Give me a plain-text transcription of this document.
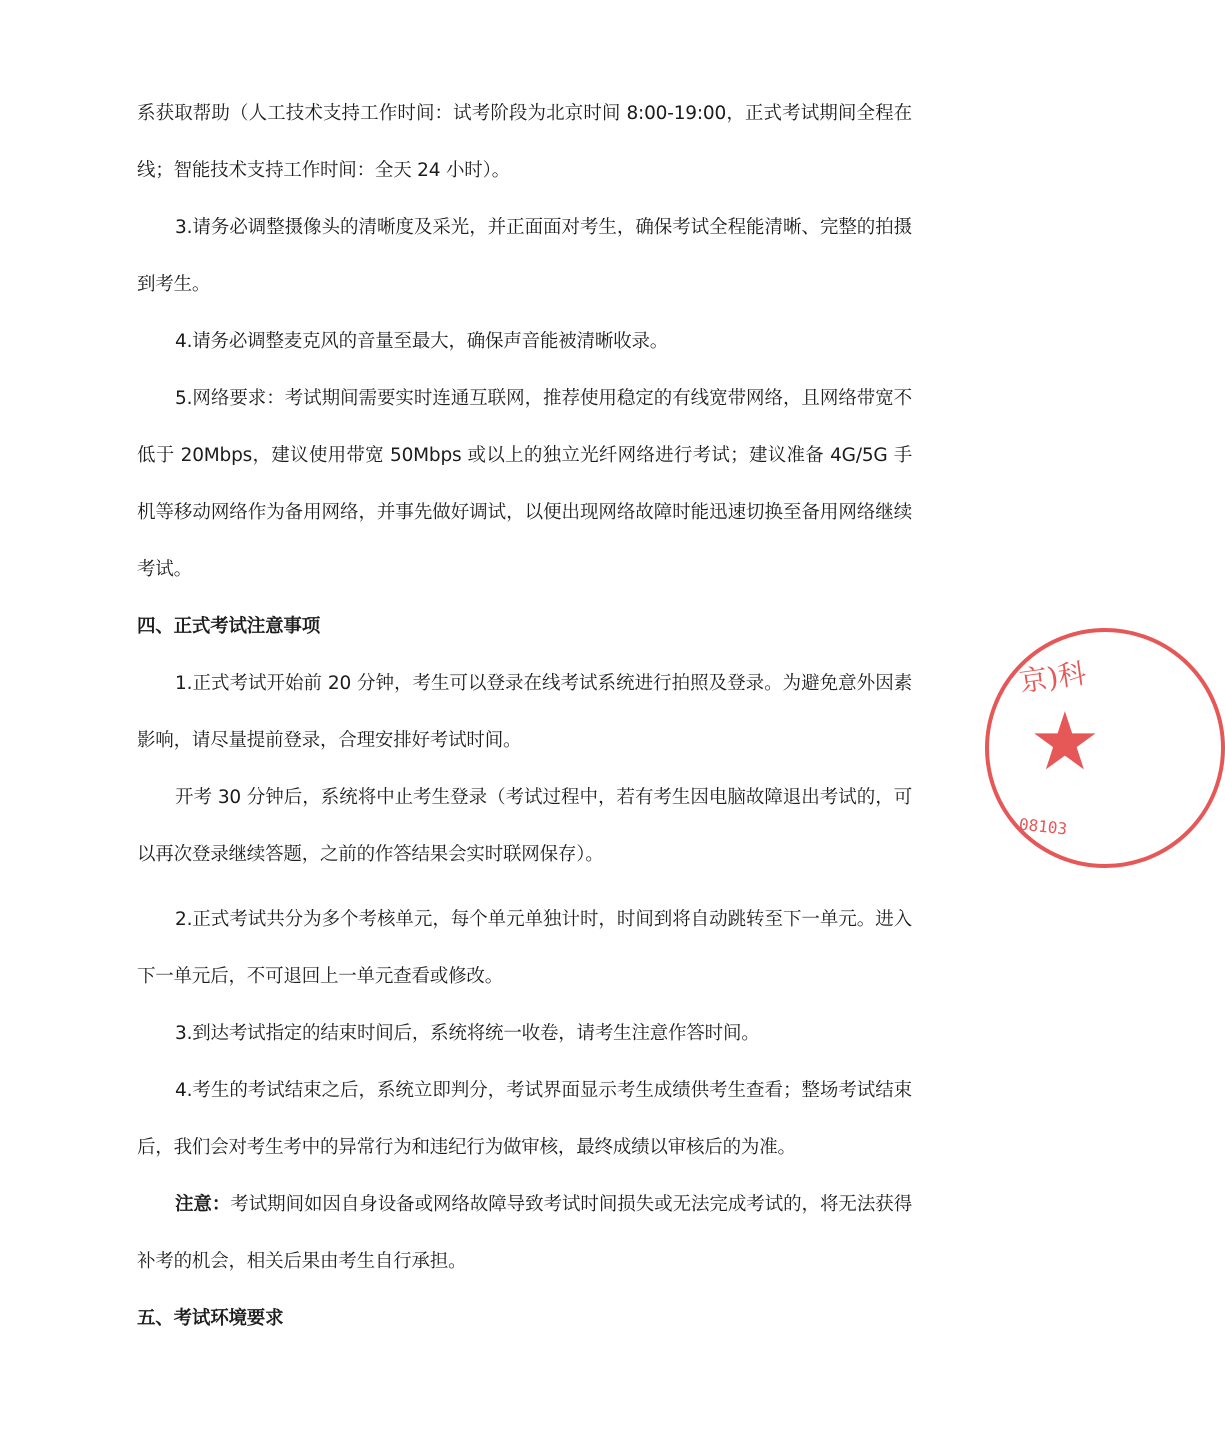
系获取帮助（人工技术支持工作时间：试考阶段为北京时间 8:00-19:00，正式考试期间全程在线；智能技术支持工作时间：全天 24 小时）。

3.请务必调整摄像头的清晰度及采光，并正面面对考生，确保考试全程能清晰、完整的拍摄到考生。

4.请务必调整麦克风的音量至最大，确保声音能被清晰收录。

5.网络要求：考试期间需要实时连通互联网，推荐使用稳定的有线宽带网络，且网络带宽不低于 20Mbps，建议使用带宽 50Mbps 或以上的独立光纤网络进行考试；建议准备 4G/5G 手机等移动网络作为备用网络，并事先做好调试，以便出现网络故障时能迅速切换至备用网络继续考试。

四、正式考试注意事项

1.正式考试开始前 20 分钟，考生可以登录在线考试系统进行拍照及登录。为避免意外因素影响，请尽量提前登录，合理安排好考试时间。

开考 30 分钟后，系统将中止考生登录（考试过程中，若有考生因电脑故障退出考试的，可以再次登录继续答题，之前的作答结果会实时联网保存）。

2.正式考试共分为多个考核单元，每个单元单独计时，时间到将自动跳转至下一单元。进入下一单元后，不可退回上一单元查看或修改。

3.到达考试指定的结束时间后，系统将统一收卷，请考生注意作答时间。

4.考生的考试结束之后，系统立即判分，考试界面显示考生成绩供考生查看；整场考试结束后，我们会对考生考中的异常行为和违纪行为做审核，最终成绩以审核后的为准。

注意：考试期间如因自身设备或网络故障导致考试时间损失或无法完成考试的，将无法获得补考的机会，相关后果由考生自行承担。

五、考试环境要求

京)科
★
08103
